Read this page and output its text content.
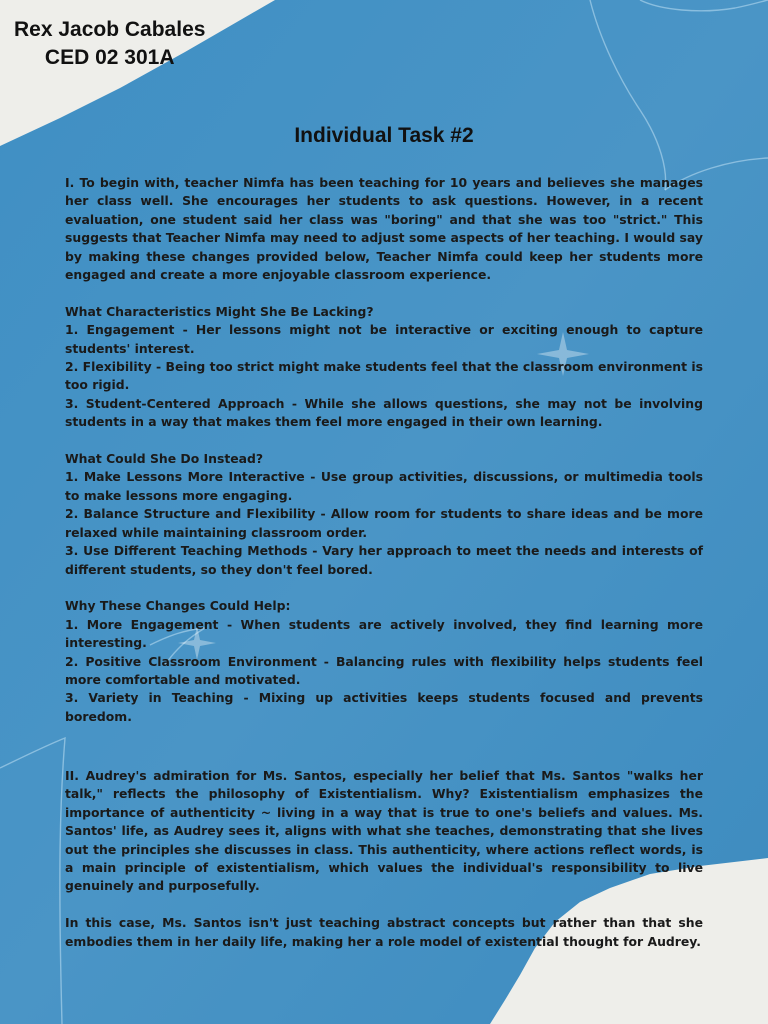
Rex Jacob Cabales
CED 02 301A
Individual Task #2

I. To begin with, teacher Nimfa has been teaching for 10 years and believes she manages her class well. She encourages her students to ask questions. However, in a recent evaluation, one student said her class was "boring" and that she was too "strict." This suggests that Teacher Nimfa may need to adjust some aspects of her teaching. I would say by making these changes provided below, Teacher Nimfa could keep her students more engaged and create a more enjoyable classroom experience.

What Characteristics Might She Be Lacking?

1. Engagement - Her lessons might not be interactive or exciting enough to capture students' interest.

2. Flexibility - Being too strict might make students feel that the classroom environment is too rigid.

3. Student-Centered Approach - While she allows questions, she may not be involving students in a way that makes them feel more engaged in their own learning.

What Could She Do Instead?

1. Make Lessons More Interactive - Use group activities, discussions, or multimedia tools to make lessons more engaging.

2. Balance Structure and Flexibility - Allow room for students to share ideas and be more relaxed while maintaining classroom order.

3. Use Different Teaching Methods - Vary her approach to meet the needs and interests of different students, so they don't feel bored.

Why These Changes Could Help:

1. More Engagement - When students are actively involved, they find learning more interesting.

2. Positive Classroom Environment - Balancing rules with flexibility helps students feel more comfortable and motivated.

3. Variety in Teaching - Mixing up activities keeps students focused and prevents boredom.

II. Audrey's admiration for Ms. Santos, especially her belief that Ms. Santos "walks her talk," reflects the philosophy of Existentialism. Why? Existentialism emphasizes the importance of authenticity ~ living in a way that is true to one's beliefs and values. Ms. Santos' life, as Audrey sees it, aligns with what she teaches, demonstrating that she lives out the principles she discusses in class. This authenticity, where actions reflect words, is a main principle of existentialism, which values the individual's responsibility to live genuinely and purposefully.

In this case, Ms. Santos isn't just teaching abstract concepts but rather than that she embodies them in her daily life, making her a role model of existential thought for Audrey.
